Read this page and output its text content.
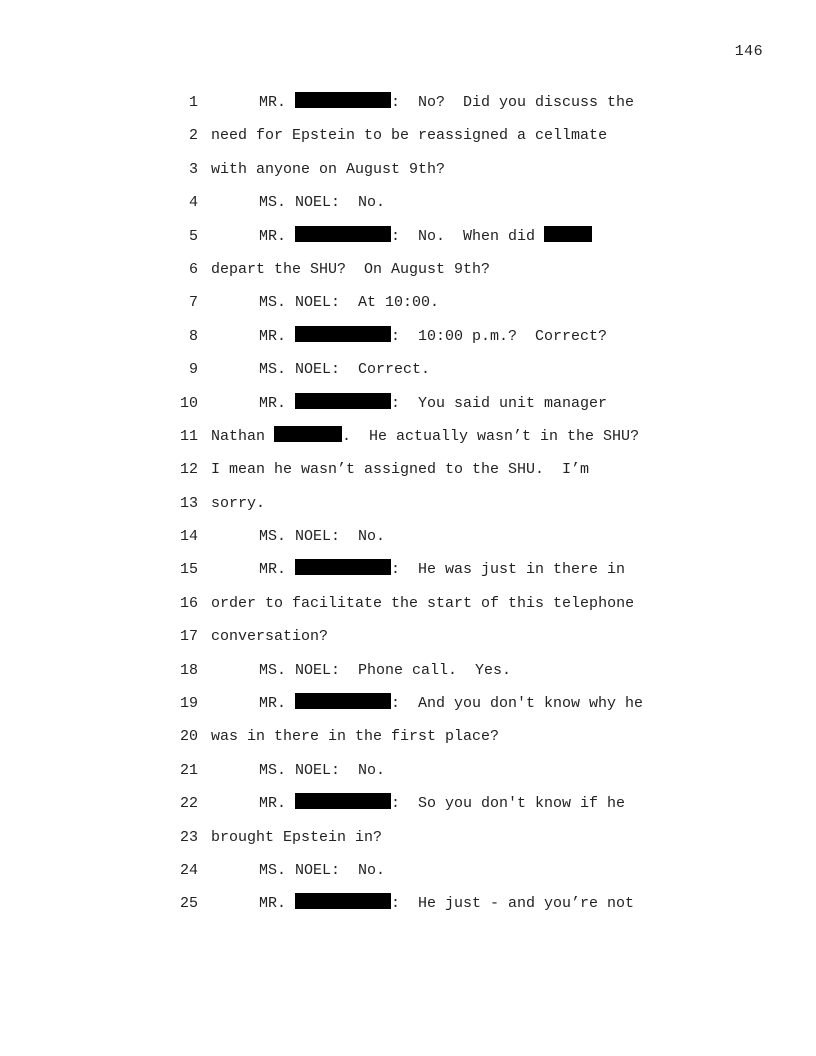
146
1	MR.	:  No?  Did you discuss the
2 need for Epstein to be reassigned a cellmate
3 with anyone on August 9th?
4	MS. NOEL:  No.
5	MR.	:  No.  When did
6 depart the SHU?  On August 9th?
7	MS. NOEL:  At 10:00.
8	MR.	:  10:00 p.m.?  Correct?
9	MS. NOEL:  Correct.
10	MR.	:  You said unit manager
11 Nathan	.  He actually wasn’t in the SHU?
12 I mean he wasn’t assigned to the SHU.  I’m
13 sorry.
14	MS. NOEL:  No.
15	MR.	:  He was just in there in
16 order to facilitate the start of this telephone
17 conversation?
18	MS. NOEL:  Phone call.  Yes.
19	MR.	:  And you don't know why he
20 was in there in the first place?
21	MS. NOEL:  No.
22	MR.	:  So you don't know if he
23 brought Epstein in?
24	MS. NOEL:  No.
25	MR.	:  He just - and you’re not
